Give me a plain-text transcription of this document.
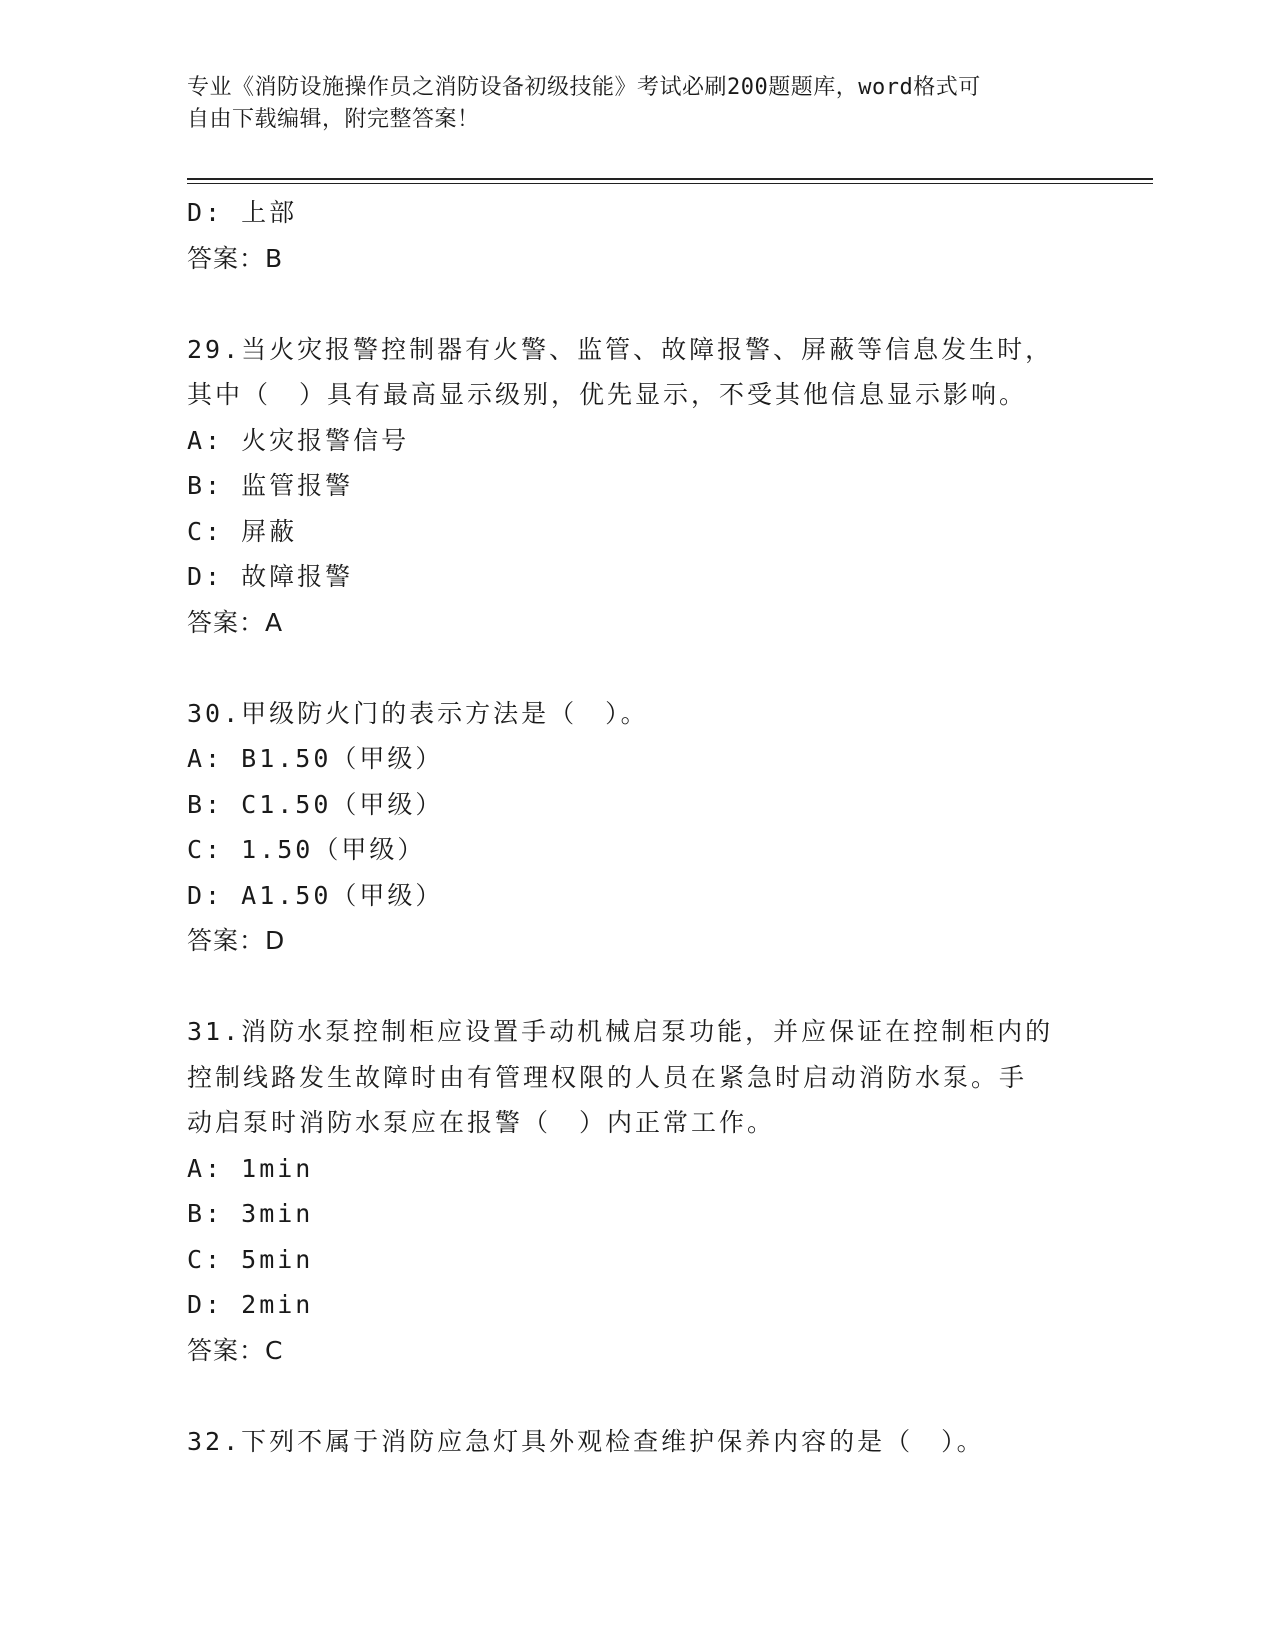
专业《消防设施操作员之消防设备初级技能》考试必刷200题题库，word格式可
自由下载编辑，附完整答案！
D: 上部
答案：B
29.当火灾报警控制器有火警、监管、故障报警、屏蔽等信息发生时，
其中（　）具有最高显示级别，优先显示，不受其他信息显示影响。
A: 火灾报警信号
B: 监管报警
C: 屏蔽
D: 故障报警
答案：A
30.甲级防火门的表示方法是（　）。
A: B1.50（甲级）
B: C1.50（甲级）
C: 1.50（甲级）
D: A1.50（甲级）
答案：D
31.消防水泵控制柜应设置手动机械启泵功能，并应保证在控制柜内的
控制线路发生故障时由有管理权限的人员在紧急时启动消防水泵。手
动启泵时消防水泵应在报警（　）内正常工作。
A: 1min
B: 3min
C: 5min
D: 2min
答案：C
32.下列不属于消防应急灯具外观检查维护保养内容的是（　）。
